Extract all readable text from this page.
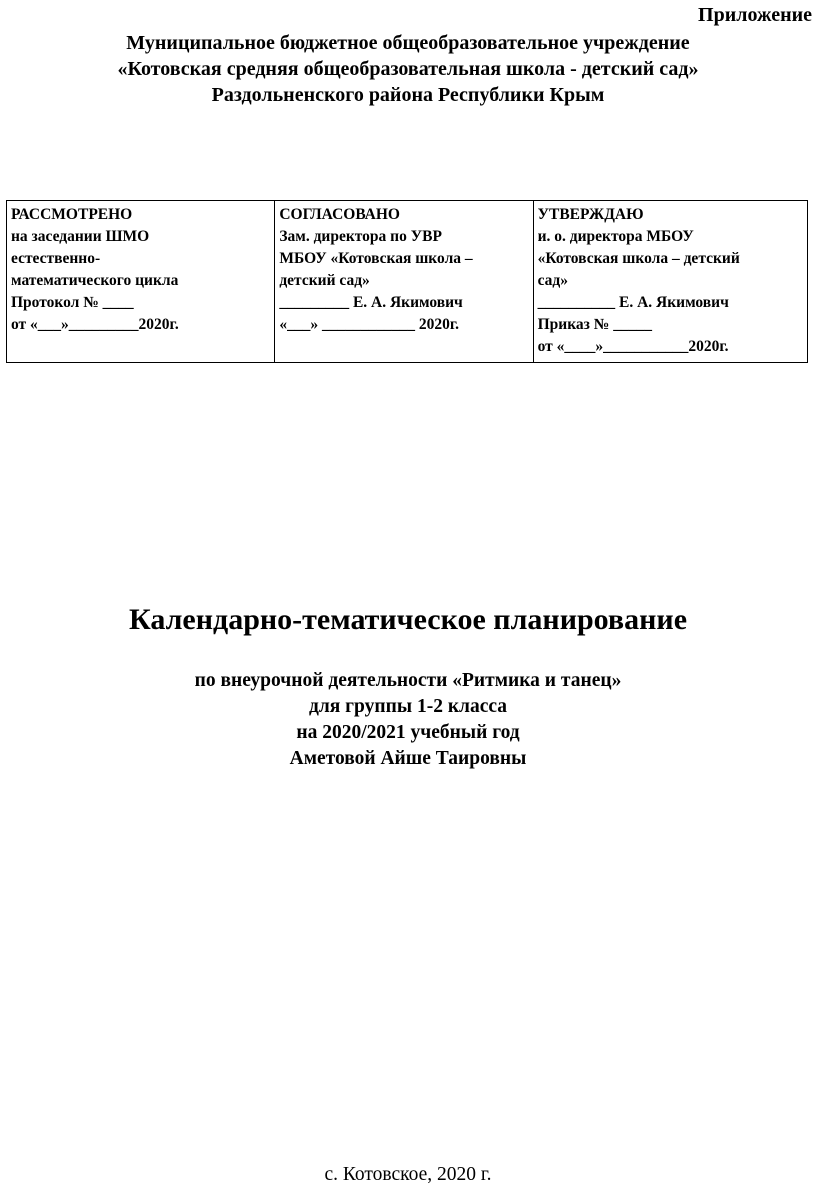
Приложение
Муниципальное бюджетное общеобразовательное учреждение
«Котовская средняя общеобразовательная школа - детский сад»
Раздольненского района Республики Крым
РАССМОТРЕНО
на заседании ШМО
естественно-
математического цикла
Протокол № ____
от «___»_________2020г.

СОГЛАСОВАНО
Зам. директора по УВР
МБОУ «Котовская школа –
детский сад»
_________ Е. А. Якимович
«___» ____________ 2020г.

УТВЕРЖДАЮ
и. о. директора МБОУ
«Котовская школа – детский
сад»
__________ Е. А. Якимович
Приказ № _____
от «____»___________2020г.
Календарно-тематическое планирование
по внеурочной деятельности «Ритмика и танец»
для группы 1-2 класса
на 2020/2021 учебный год
Аметовой Айше Таировны
с. Котовское, 2020 г.
